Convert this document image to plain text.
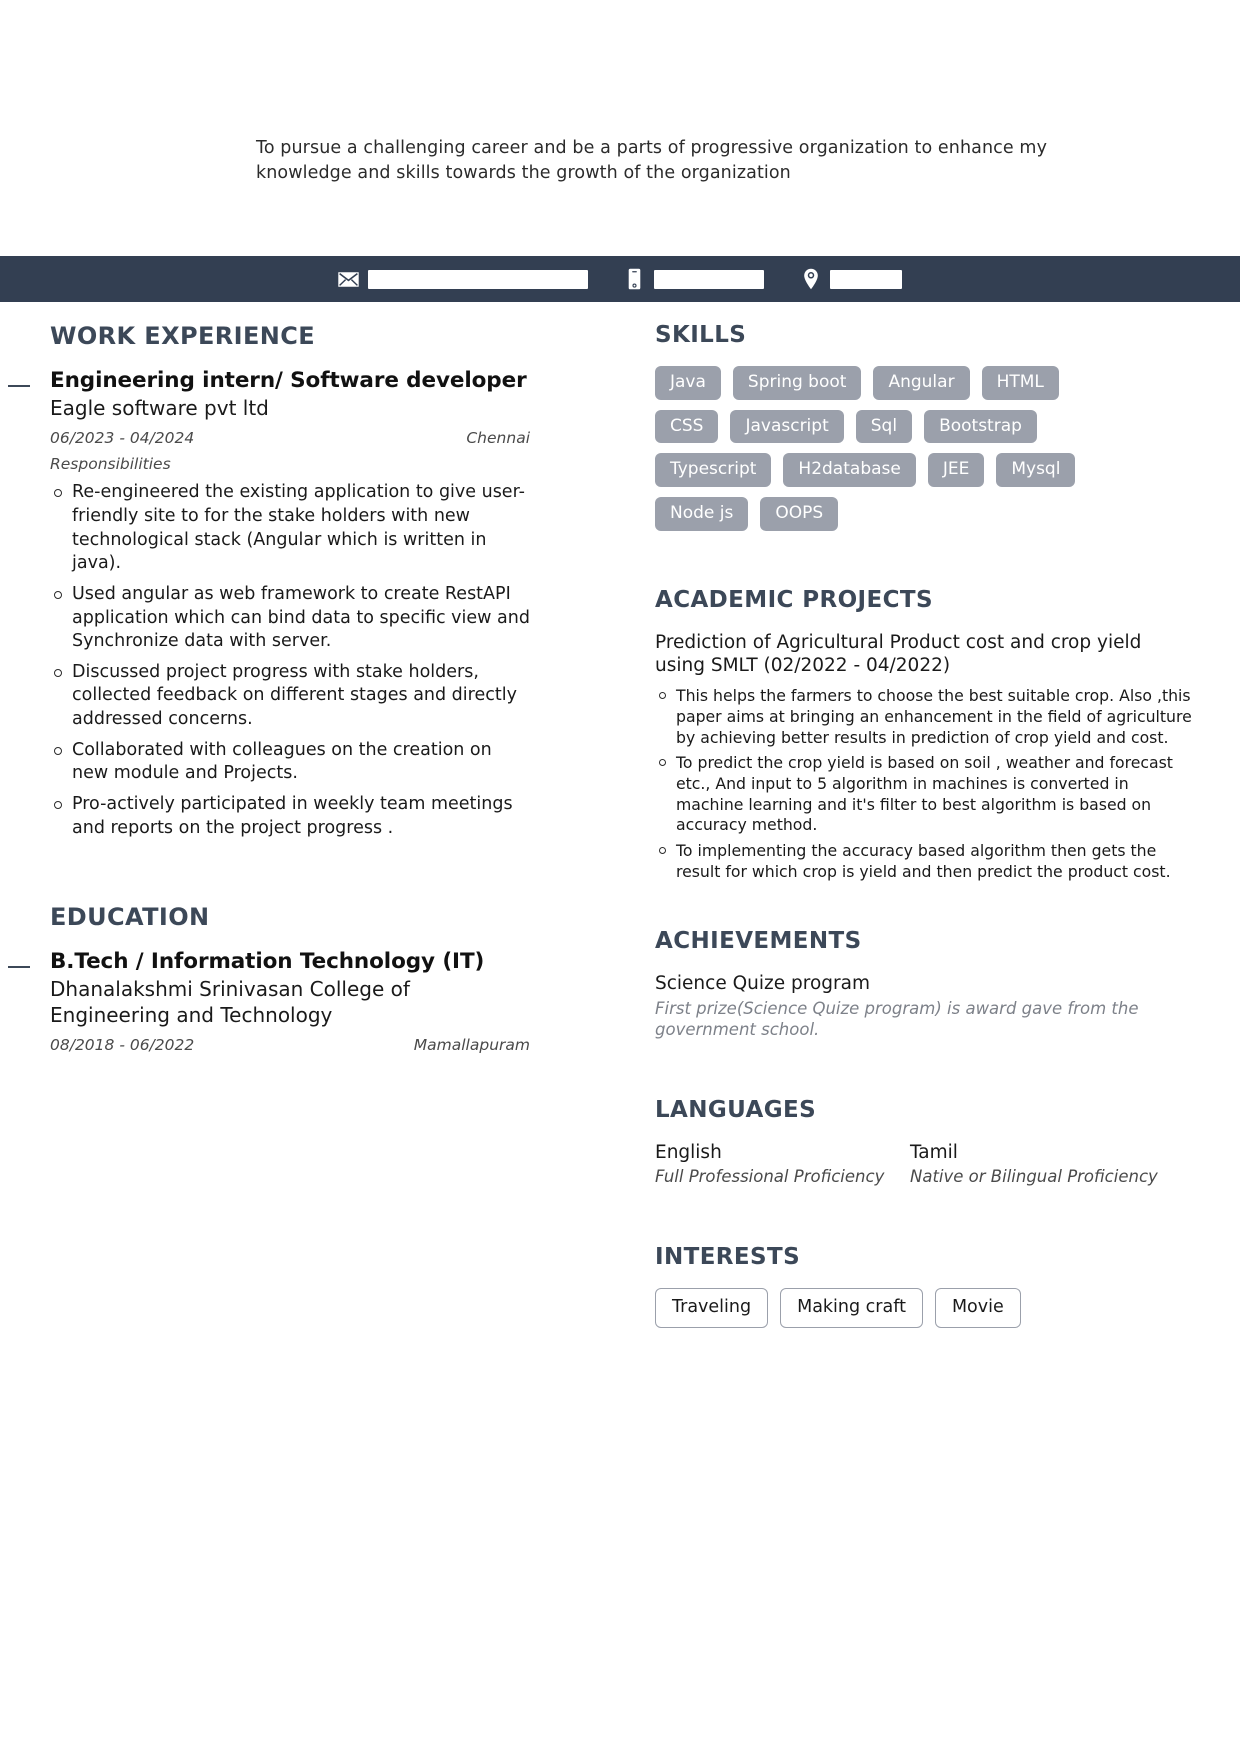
To pursue a challenging career and be a parts of progressive organization to enhance my knowledge and skills towards the growth of the organization
WORK EXPERIENCE
Engineering intern/ Software developer
Eagle software pvt ltd
06/2023 - 04/2024	Chennai
Responsibilities
Re-engineered the existing application to give user-friendly site to for the stake holders with new technological stack (Angular which is written in java).
Used angular as web framework to create RestAPI application which can bind data to specific view and Synchronize data with server.
Discussed project progress with stake holders, collected feedback on different stages and directly addressed concerns.
Collaborated with colleagues on the creation on new module and Projects.
Pro-actively participated in weekly team meetings and reports on the project progress .
EDUCATION
B.Tech / Information Technology (IT)
Dhanalakshmi Srinivasan College of Engineering and Technology
08/2018 - 06/2022	Mamallapuram
SKILLS
Java	Spring boot	Angular	HTML
CSS	Javascript	Sql	Bootstrap
Typescript	H2database	JEE	Mysql
Node js	OOPS
ACADEMIC PROJECTS
Prediction of Agricultural Product cost and crop yield using SMLT (02/2022 - 04/2022)
This helps the farmers to choose the best suitable crop. Also ,this paper aims at bringing an enhancement in the field of agriculture by achieving better results in prediction of crop yield and cost.
To predict the crop yield is based on soil , weather and forecast etc., And input to 5 algorithm in machines is converted in machine learning and it's filter to best algorithm is based on accuracy method.
To implementing the accuracy based algorithm then gets the result for which crop is yield and then predict the product cost.
ACHIEVEMENTS
Science Quize program
First prize(Science Quize program) is award gave from the government school.
LANGUAGES
English
Full Professional Proficiency
Tamil
Native or Bilingual Proficiency
INTERESTS
Traveling	Making craft	Movie
